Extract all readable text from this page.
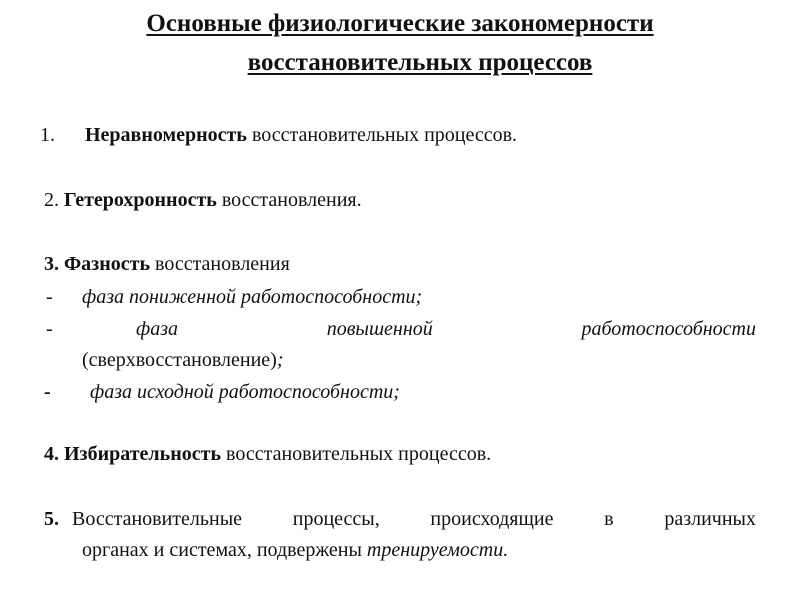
Основные физиологические закономерности
восстановительных процессов
1. Неравномерность восстановительных процессов.
2. Гетерохронность восстановления.
3. Фазность восстановления
- фаза пониженной работоспособности;
-	фаза	повышенной	работоспособности
(сверхвосстановление);
- фаза исходной работоспособности;
4. Избирательность восстановительных процессов.
5. Восстановительные процессы, происходящие в различных
органах и системах, подвержены тренируемости.
